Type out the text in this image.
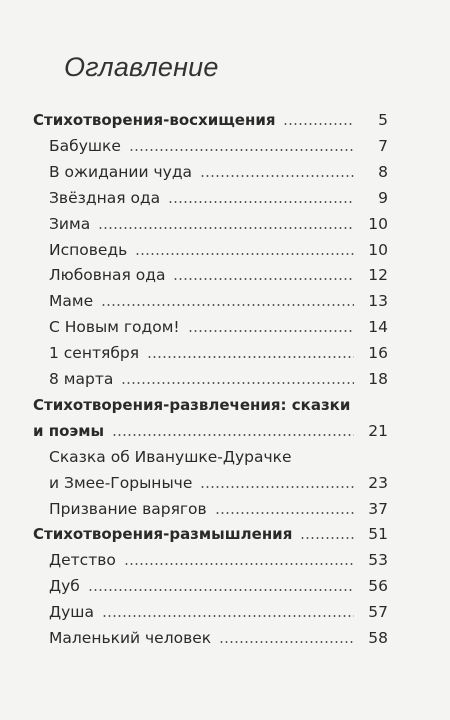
Оглавление
Стихотворения-восхищения	5
Бабушке	7
В ожидании чуда	8
Звёздная ода	9
Зима	10
Исповедь	10
Любовная ода	12
Маме	13
С Новым годом!	14
1 сентября	16
8 марта	18
Стихотворения-развлечения: сказки
и поэмы	21
Сказка об Иванушке-Дурачке
и Змее-Горыныче	23
Призвание варягов	37
Стихотворения-размышления	51
Детство	53
Дуб	56
Душа	57
Маленький человек	58
